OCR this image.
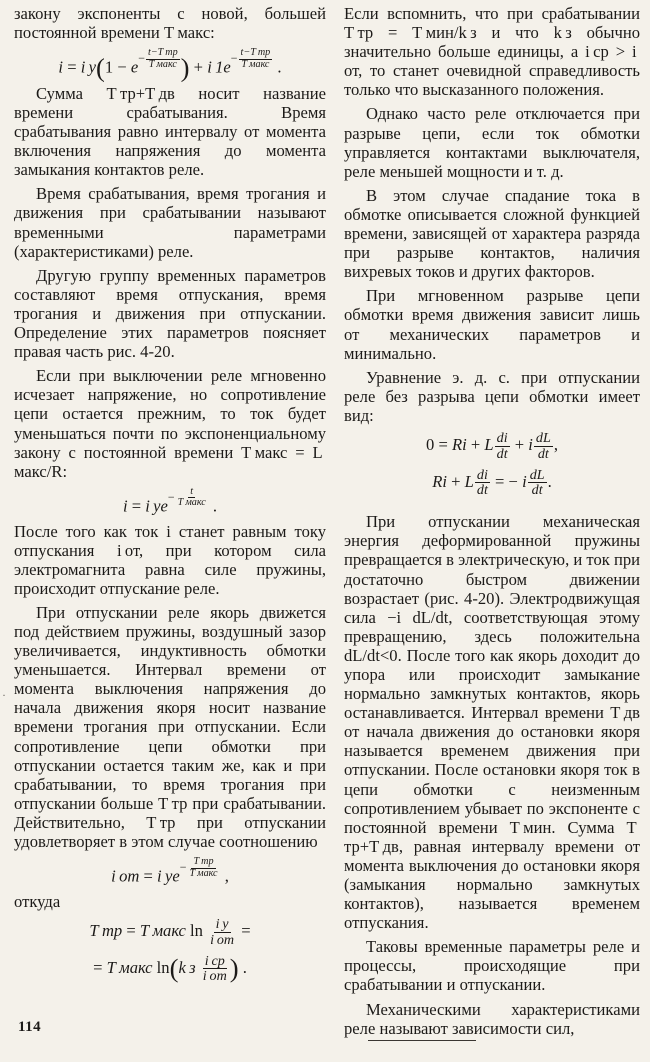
закону экспоненты с новой, большей постоянной времени T макс:

i = i $у(1 - e^{- \frac{\text{t−T тр}}{\text{T макс}}}$ ) + i $1e^{- \frac{\text{t−T тр}}{\text{T макс}}}$ .

Сумма T тр+T дв носит название времени срабатывания. Время срабатывания равно интервалу от момента включения напряжения до момента замыкания контактов реле.

Время срабатывания, время трогания и движения при срабатывании называют временными параметрами (характеристиками) реле.

Другую группу временных параметров составляют время отпускания, время трогания и движения при отпускании. Определение этих параметров поясняет правая часть рис. 4-20.

Если при выключении реле мгновенно исчезает напряжение, но сопротивление цепи остается прежним, то ток будет уменьшаться почти по экспоненциальному закону с постоянной времени T макс = L макс/R:

i = i $уe^{- \frac{t}{\text{T макс}}}$ .

После того как ток i станет равным току отпускания i от, при котором сила электромагнита равна силе пружины, происходит отпускание реле.

При отпускании реле якорь движется под действием пружины, воздушный зазор увеличивается, индуктивность обмотки уменьшается. Интервал времени от момента выключения напряжения до начала движения якоря носит название времени трогания при отпускании. Если сопротивление цепи обмотки при отпускании остается таким же, как и при срабатывании, то время трогания при отпускании больше T тр при срабатывании. Действительно, T тр при отпускании удовлетворяет в этом случае соотношению

i от = i $уe^{- \frac{\text{T тр}}{\text{T макс}}}$ ,

откуда

T тр = T макс $\ln \frac{\text{i у}}{\text{i от}}$ =
= T макс ln(k з $\frac{\text{i ср}}{\text{i от}}$ ) .

Если вспомнить, что при срабатывании T тр = T мин/k з и что k з обычно значительно больше единицы, а i ср > i от, то станет очевидной справедливость только что высказанного положения.

Однако часто реле отключается при разрыве цепи, если ток обмотки управляется контактами выключателя, реле меньшей мощности и т. д.

В этом случае спадание тока в обмотке описывается сложной функцией времени, зависящей от характера разряда при разрыве контактов, наличия вихревых токов и других факторов.

При мгновенном разрыве цепи обмотки время движения зависит лишь от механических параметров и минимально.

Уравнение э. д. с. при отпускании реле без разрыва цепи обмотки имеет вид:

0 = Ri + L $\frac{di}{dt} + i \frac{dL}{dt}$ ,
Ri + L $\frac{di}{dt}$ = − i $\frac{dL}{dt}$ .

При отпускании механическая энергия деформированной пружины превращается в электрическую, и ток при достаточно быстром движении возрастает (рис. 4-20). Электродвижущая сила −i dL/dt, соответствующая этому превращению, здесь положительна dL/dt<0. После того как якорь доходит до упора или происходит замыкание нормально замкнутых контактов, якорь останавливается. Интервал времени T дв от начала движения до остановки якоря называется временем движения при отпускании. После остановки якоря ток в цепи обмотки с неизменным сопротивлением убывает по экспоненте с постоянной времени T мин. Сумма T тр+T дв, равная интервалу времени от момента выключения до остановки якоря (замыкания нормально замкнутых контактов), называется временем отпускания.

Таковы временные параметры реле и процессы, происходящие при срабатывании и отпускании.

Механическими характеристиками реле называют зависимости сил,

·
114
